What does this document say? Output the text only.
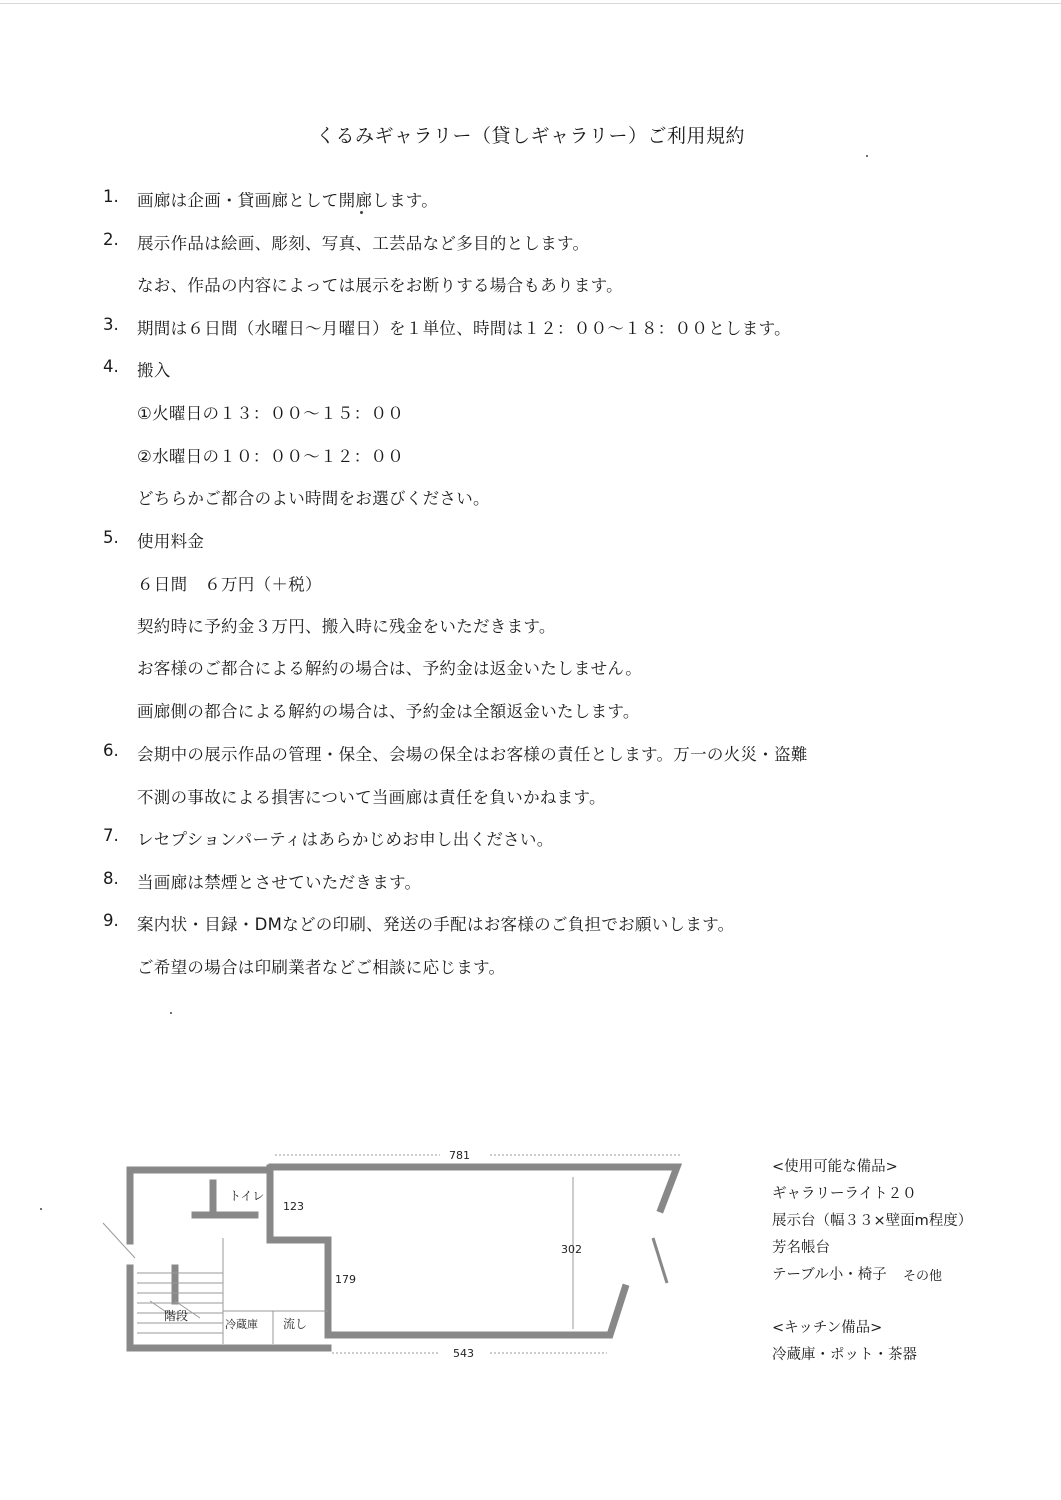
くるみギャラリー（貸しギャラリー）ご利用規約
1. 画廊は企画・貸画廊として開廊します。
2. 展示作品は絵画、彫刻、写真、工芸品など多目的とします。
なお、作品の内容によっては展示をお断りする場合もあります。
3. 期間は６日間（水曜日〜月曜日）を１単位、時間は１２：００〜１８：００とします。
4. 搬入
①火曜日の１３：００〜１５：００
②水曜日の１０：００〜１２：００
どちらかご都合のよい時間をお選びください。
5. 使用料金
６日間　６万円（＋税）
契約時に予約金３万円、搬入時に残金をいただきます。
お客様のご都合による解約の場合は、予約金は返金いたしません。
画廊側の都合による解約の場合は、予約金は全額返金いたします。
6. 会期中の展示作品の管理・保全、会場の保全はお客様の責任とします。万一の火災・盗難
不測の事故による損害について当画廊は責任を負いかねます。
7. レセプションパーティはあらかじめお申し出ください。
8. 当画廊は禁煙とさせていただきます。
9. 案内状・目録・DMなどの印刷、発送の手配はお客様のご負担でお願いします。
ご希望の場合は印刷業者などご相談に応じます。
781
543
302
123
179
トイレ
階段
冷蔵庫 流し
<使用可能な備品>
ギャラリーライト２０
展示台（幅３３×壁面m程度）
芳名帳台
テーブル小・椅子 その他
<キッチン備品>
冷蔵庫・ポット・茶器
